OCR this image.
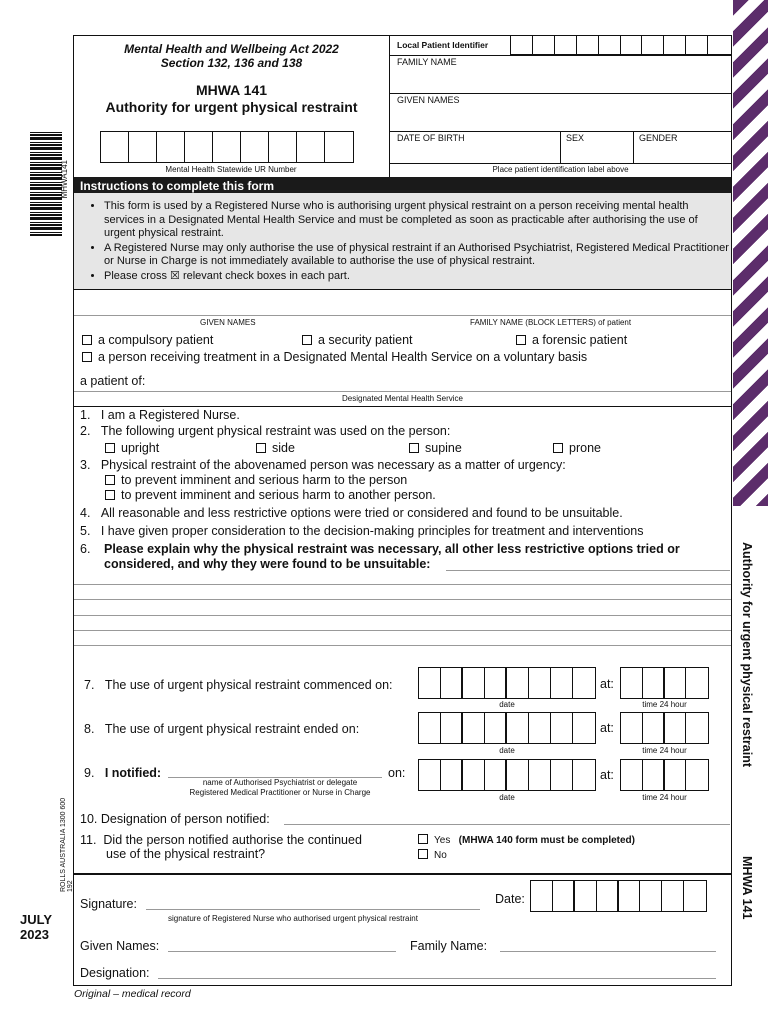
MHWA141
ROLLS AUSTRALIA 1300 600 192
Authority for urgent physical restraint
MHWA 141
JULY
2023
Mental Health and Wellbeing Act 2022
Section 132, 136 and 138
MHWA 141
Authority for urgent physical restraint
Mental Health Statewide UR Number
Local Patient Identifier
FAMILY NAME
GIVEN NAMES
DATE OF BIRTH	SEX	GENDER
Place patient identification label above
Instructions to complete this form
• This form is used by a Registered Nurse who is authorising urgent physical restraint on a person receiving mental health services in a Designated Mental Health Service and must be completed as soon as practicable after authorising the use of urgent physical restraint.
• A Registered Nurse may only authorise the use of physical restraint if an Authorised Psychiatrist, Registered Medical Practitioner or Nurse in Charge is not immediately available to authorise the use of physical restraint.
• Please cross ☒ relevant check boxes in each part.
GIVEN NAMES	FAMILY NAME (BLOCK LETTERS) of patient
a compulsory patient	a security patient	a forensic patient
a person receiving treatment in a Designated Mental Health Service on a voluntary basis
a patient of:
Designated Mental Health Service
1.   I am a Registered Nurse.
2.   The following urgent physical restraint was used on the person:
upright	side	supine	prone
3.   Physical restraint of the abovenamed person was necessary as a matter of urgency:
to prevent imminent and serious harm to the person
to prevent imminent and serious harm to another person.
4.   All reasonable and less restrictive options were tried or considered and found to be unsuitable.
5.   I have given proper consideration to the decision-making principles for treatment and interventions
6.	Please explain why the physical restraint was necessary, all other less restrictive options tried or considered, and why they were found to be unsuitable:
7.   The use of urgent physical restraint commenced on:
date
at:
time 24 hour
8.   The use of urgent physical restraint ended on:
date
at:
time 24 hour
9.   I notified:
name of Authorised Psychiatrist or delegate
Registered Medical Practitioner or Nurse in Charge
on:
date
at:
time 24 hour
10. Designation of person notified:
11.  Did the person notified authorise the continued
use of the physical restraint?
Yes (MHWA 140 form must be completed)
No
Signature:
signature of Registered Nurse who authorised urgent physical restraint
Date:
Given Names:	Family Name:
Designation:
Original – medical record
